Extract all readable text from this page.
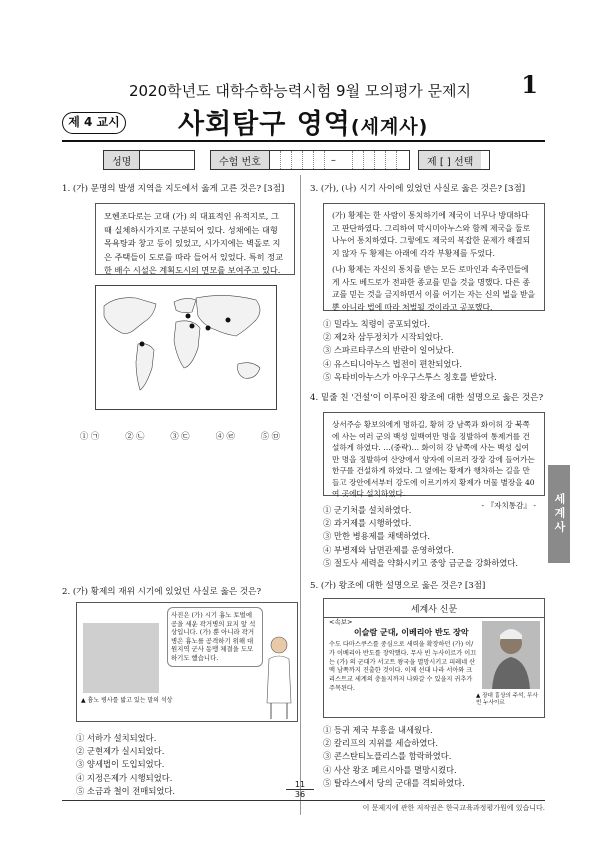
2020학년도 대학수학능력시험 9월 모의평가 문제지	1
제 4 교시 사회탐구 영역(세계사)
성명	수험 번호	–	제 [ ] 선택
1. (가) 문명의 발생 지역을 지도에서 옳게 고른 것은? [3점]
모헨조다로는 고대 (가) 의 대표적인 유적지로, 그때 실체하시가지로 구분되어 있다. 성채에는 대형 목욕탕과 창고 등이 있었고, 시가지에는 벽돌로 지은 주택들이 도로를 따라 들어서 있었다. 특히 정교한 배수 시설은 계획도시의 면모를 보여주고 있다.
① ㉠	② ㉡	③ ㉢	④ ㉣	⑤ ㉤
2. (가) 황제의 재위 시기에 있었던 사실로 옳은 것은?
▲ 흉노 병사를 밟고 있는 말의 석상
사진은 (가) 시기 흉노 토벌에 공을 세운 곽거병의 묘지 앞 석상입니다. (가) 뿐 아니라 곽거병은 흉노를 공격하기 위해 대원지역 군사 동맹 체결을 도모하기도 했습니다.
① 서하가 설치되었다.
② 군현제가 실시되었다.
③ 양세법이 도입되었다.
④ 지정은제가 시행되었다.
⑤ 소금과 철이 전매되었다.
3. (가), (나) 시기 사이에 있었던 사실로 옳은 것은? [3점]
(가) 황제는 한 사람이 통치하기에 제국이 너무나 방대하다고 판단하였다. 그리하여 막시미아누스와 함께 제국을 둘로 나누어 통치하였다. 그렇에도 제국의 복잡한 문제가 해결되지 않자 두 황제는 아래에 각각 부황제를 두었다.
(나) 황제는 자신의 통치를 받는 모든 로마인과 속주민들에게 사도 베드로가 전파한 종교를 믿을 것을 명했다. 다른 종교를 믿는 것을 금지하면서 이를 어기는 자는 신의 벌을 받을 뿐 아니라 법에 따라 처벌될 것이라고 공포했다.
① 밀라노 칙령이 공포되었다.
② 제2차 삼두정치가 시작되었다.
③ 스파르타쿠스의 반란이 일어났다.
④ 유스티니아누스 법전이 편찬되었다.
⑤ 옥타비아누스가 아우구스투스 칭호를 받았다.
4. 밑줄 친 '건설'이 이루어진 왕조에 대한 설명으로 옳은 것은?
상서주승 황보의에게 명하길, 황허 강 남쪽과 화이허 강 북쪽에 사는 여러 군의 백성 일백여만 명을 징발하여 통제거를 건설하게 하였다. …(중략)… 화이허 강 남쪽에 사는 백성 십여만 명을 징발하여 산양에서 양자에 이르러 장장 강에 들어가는 한구를 건설하게 하였다. 그 옆에는 황제가 행차하는 길을 만들고 장안에서부터 강도에 이르기까지 황제가 머물 별장을 40여 곳에다 설치하였다.
- 『자치통감』 -
① 군기처를 설치하였다.
② 과거제를 시행하였다.
③ 만한 병용제를 채택하였다.
④ 부병제와 남면관제를 운영하였다.
⑤ 절도사 세력을 약화시키고 중앙 금군을 강화하였다.
세계사
5. (가) 왕조에 대한 설명으로 옳은 것은? [3점]
세계사 신문
<속보>
이슬람 군대, 이베리아 반도 장악
수도 다마스쿠스를 중심으로 세력을 확장하던 (가) 이/가 이베리아 반도를 장악했다. 무사 빈 누사이르가 이끄는 (가) 의 군대가 서고트 왕국을 멸망시키고 피레네 산맥 남쪽까지 진출한 것이다. 이제 선대 나라 서아와 크리스트교 세계의 충돌지까지 나와갈 수 있을지 귀추가 주목된다.
▲ 장대 흉상의 주석, 무사 빈 누사이르
① 등귀 제국 부흥을 내세웠다.
② 칼리프의 지위를 세습하였다.
③ 콘스탄티노플리스를 함락하였다.
④ 사산 왕조 페르시아를 멸망시켰다.
⑤ 탈라스에서 당의 군대를 격퇴하였다.
11
36
이 문제지에 관한 저작권은 한국교육과정평가원에 있습니다.
